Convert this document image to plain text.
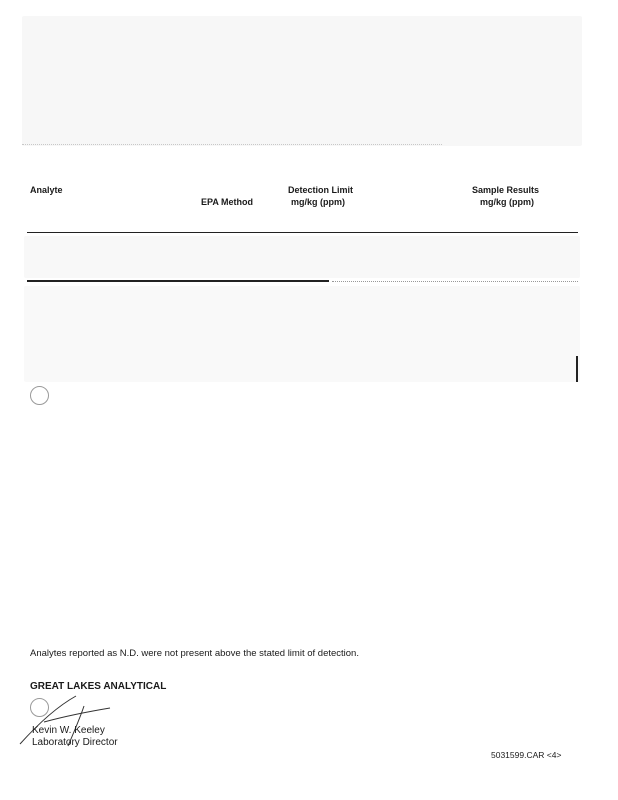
Analyte
EPA Method
Detection Limit
mg/kg (ppm)
Sample Results
mg/kg (ppm)
Analytes reported as N.D. were not present above the stated limit of detection.
GREAT LAKES ANALYTICAL
Kevin W. Keeley
Laboratory Director
5031599.CAR <4>
